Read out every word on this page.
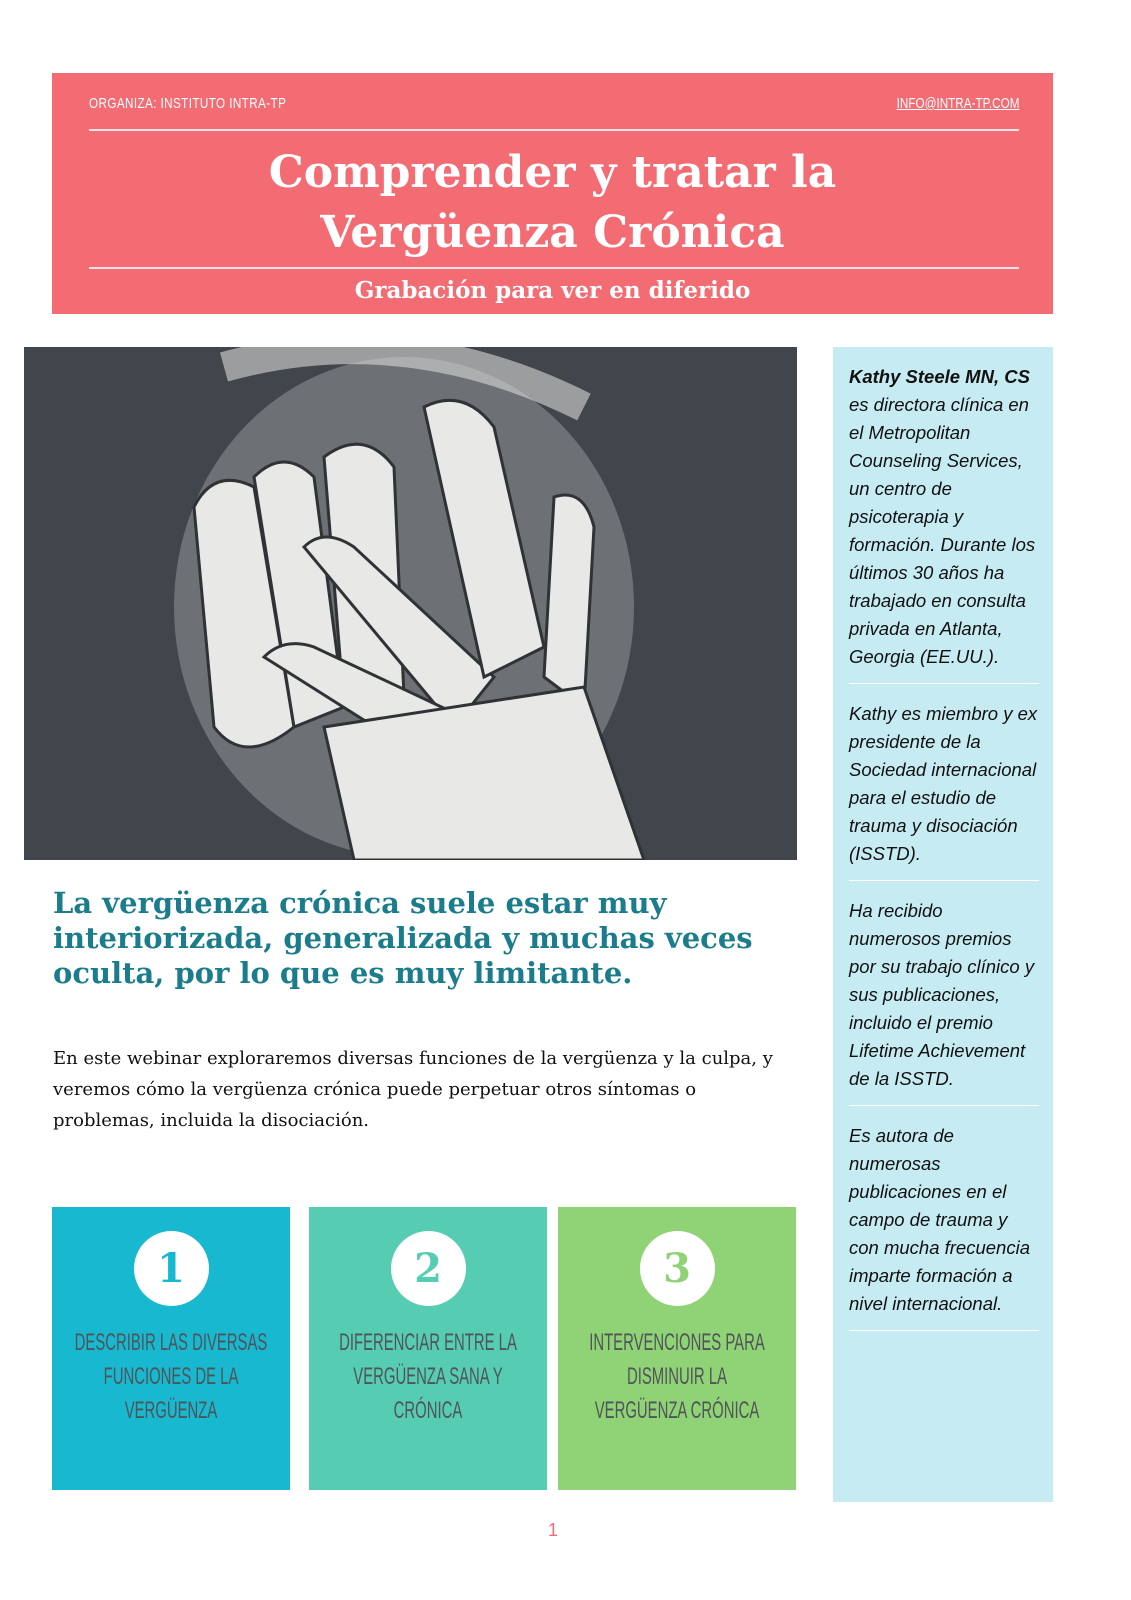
ORGANIZA: INSTITUTO INTRA-TP	INFO@INTRA-TP.COM
Comprender y tratar la
Vergüenza Crónica
Grabación para ver en diferido

Kathy Steele MN, CS es directora clínica en el Metropolitan Counseling Services, un centro de psicoterapia y formación. Durante los últimos 30 años ha trabajado en consulta privada en Atlanta, Georgia (EE.UU.).

Kathy es miembro y ex presidente de la Sociedad internacional para el estudio de trauma y disociación (ISSTD).

Ha recibido numerosos premios por su trabajo clínico y sus publicaciones, incluido el premio Lifetime Achievement de la ISSTD.

Es autora de numerosas publicaciones en el campo de trauma y con mucha frecuencia imparte formación a nivel internacional.

La vergüenza crónica suele estar muy interiorizada, generalizada y muchas veces oculta, por lo que es muy limitante.
En este webinar exploraremos diversas funciones de la vergüenza y la culpa, y veremos cómo la vergüenza crónica puede perpetuar otros síntomas o problemas, incluida la disociación.
1
DESCRIBIR LAS DIVERSAS
FUNCIONES DE LA
VERGÜENZA
2
DIFERENCIAR ENTRE LA
VERGÜENZA SANA Y
CRÓNICA
3
INTERVENCIONES PARA
DISMINUIR LA
VERGÜENZA CRÓNICA
1
